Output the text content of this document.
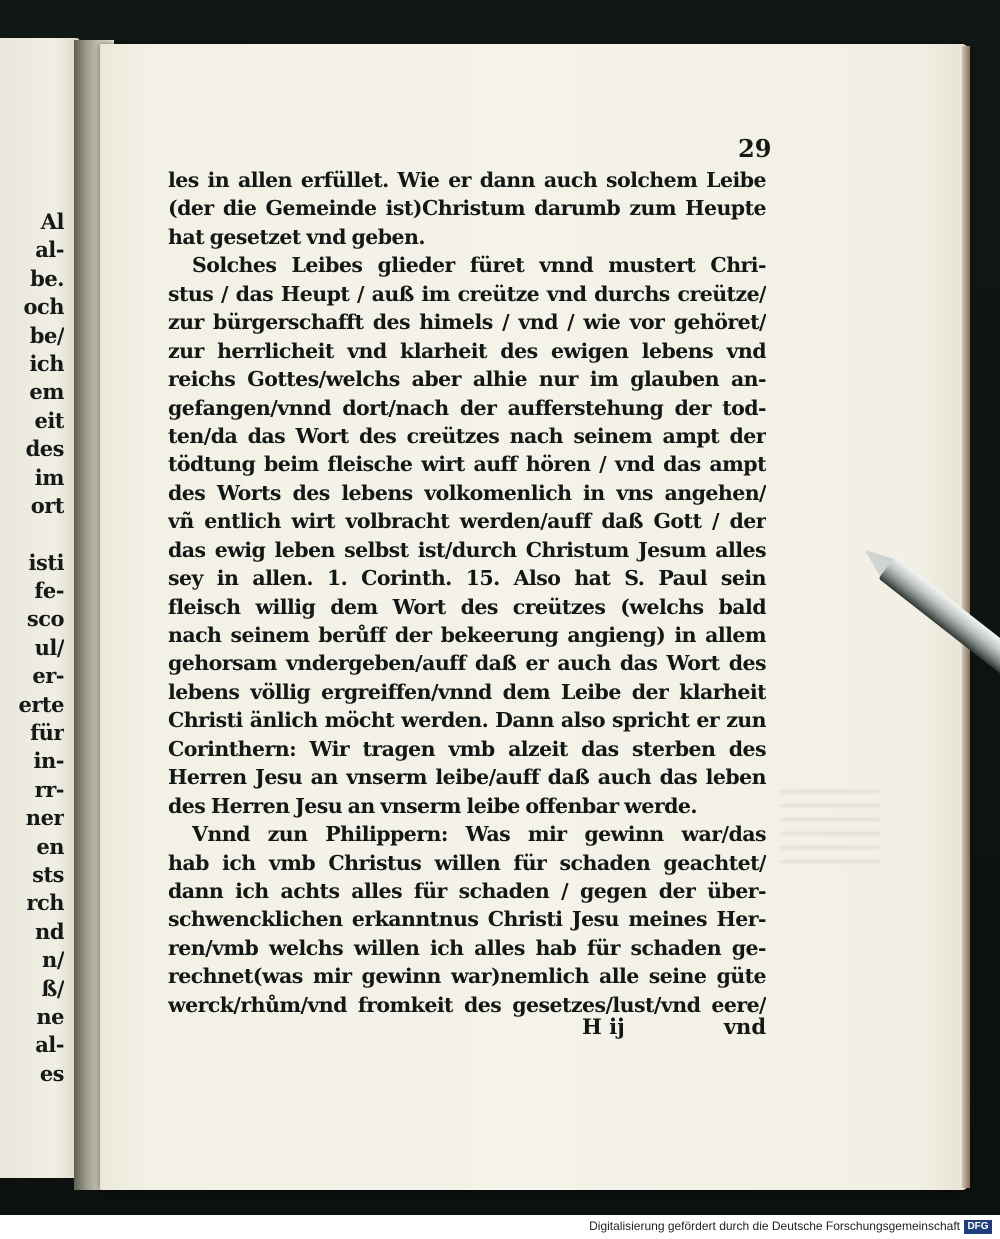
Al
al-
be.
och
be/
ich
em
eit
des
im
ort
isti
fe-
sco
ul/
er-
erte
für
in-
rr-
ner
en
sts
rch
nd
n/
ß/
ne
al-
es
29
les in allen erfüllet. Wie er dann auch solchem Leibe
(der die Gemeinde ist)Christum darumb zum Heupte
hat gesetzet vnd geben.
Solches Leibes glieder füret vnnd mustert Chri-
stus / das Heupt / auß im creütze vnd durchs creütze/
zur bürgerschafft des himels / vnd / wie vor gehöret/
zur herrlicheit vnd klarheit des ewigen lebens vnd
reichs Gottes/welchs aber alhie nur im glauben an-
gefangen/vnnd dort/nach der aufferstehung der tod-
ten/da das Wort des creützes nach seinem ampt der
tödtung beim fleische wirt auff hören / vnd das ampt
des Worts des lebens volkomenlich in vns angehen/
vñ entlich wirt volbracht werden/auff daß Gott / der
das ewig leben selbst ist/durch Christum Jesum alles
sey in allen. 1. Corinth. 15. Also hat S. Paul sein
fleisch willig dem Wort des creützes (welchs bald
nach seinem berůff der bekeerung angieng) in allem
gehorsam vndergeben/auff daß er auch das Wort des
lebens völlig ergreiffen/vnnd dem Leibe der klarheit
Christi änlich möcht werden. Dann also spricht er zun
Corinthern: Wir tragen vmb alzeit das sterben des
Herren Jesu an vnserm leibe/auff daß auch das leben
des Herren Jesu an vnserm leibe offenbar werde.
Vnnd zun Philippern: Was mir gewinn war/das
hab ich vmb Christus willen für schaden geachtet/
dann ich achts alles für schaden / gegen der über-
schwencklichen erkanntnus Christi Jesu meines Her-
ren/vmb welchs willen ich alles hab für schaden ge-
rechnet(was mir gewinn war)nemlich alle seine güte
werck/rhům/vnd fromkeit des gesetzes/lust/vnd eere/
H ij	vnd
Digitalisierung gefördert durch die Deutsche Forschungsgemeinschaft DFG
